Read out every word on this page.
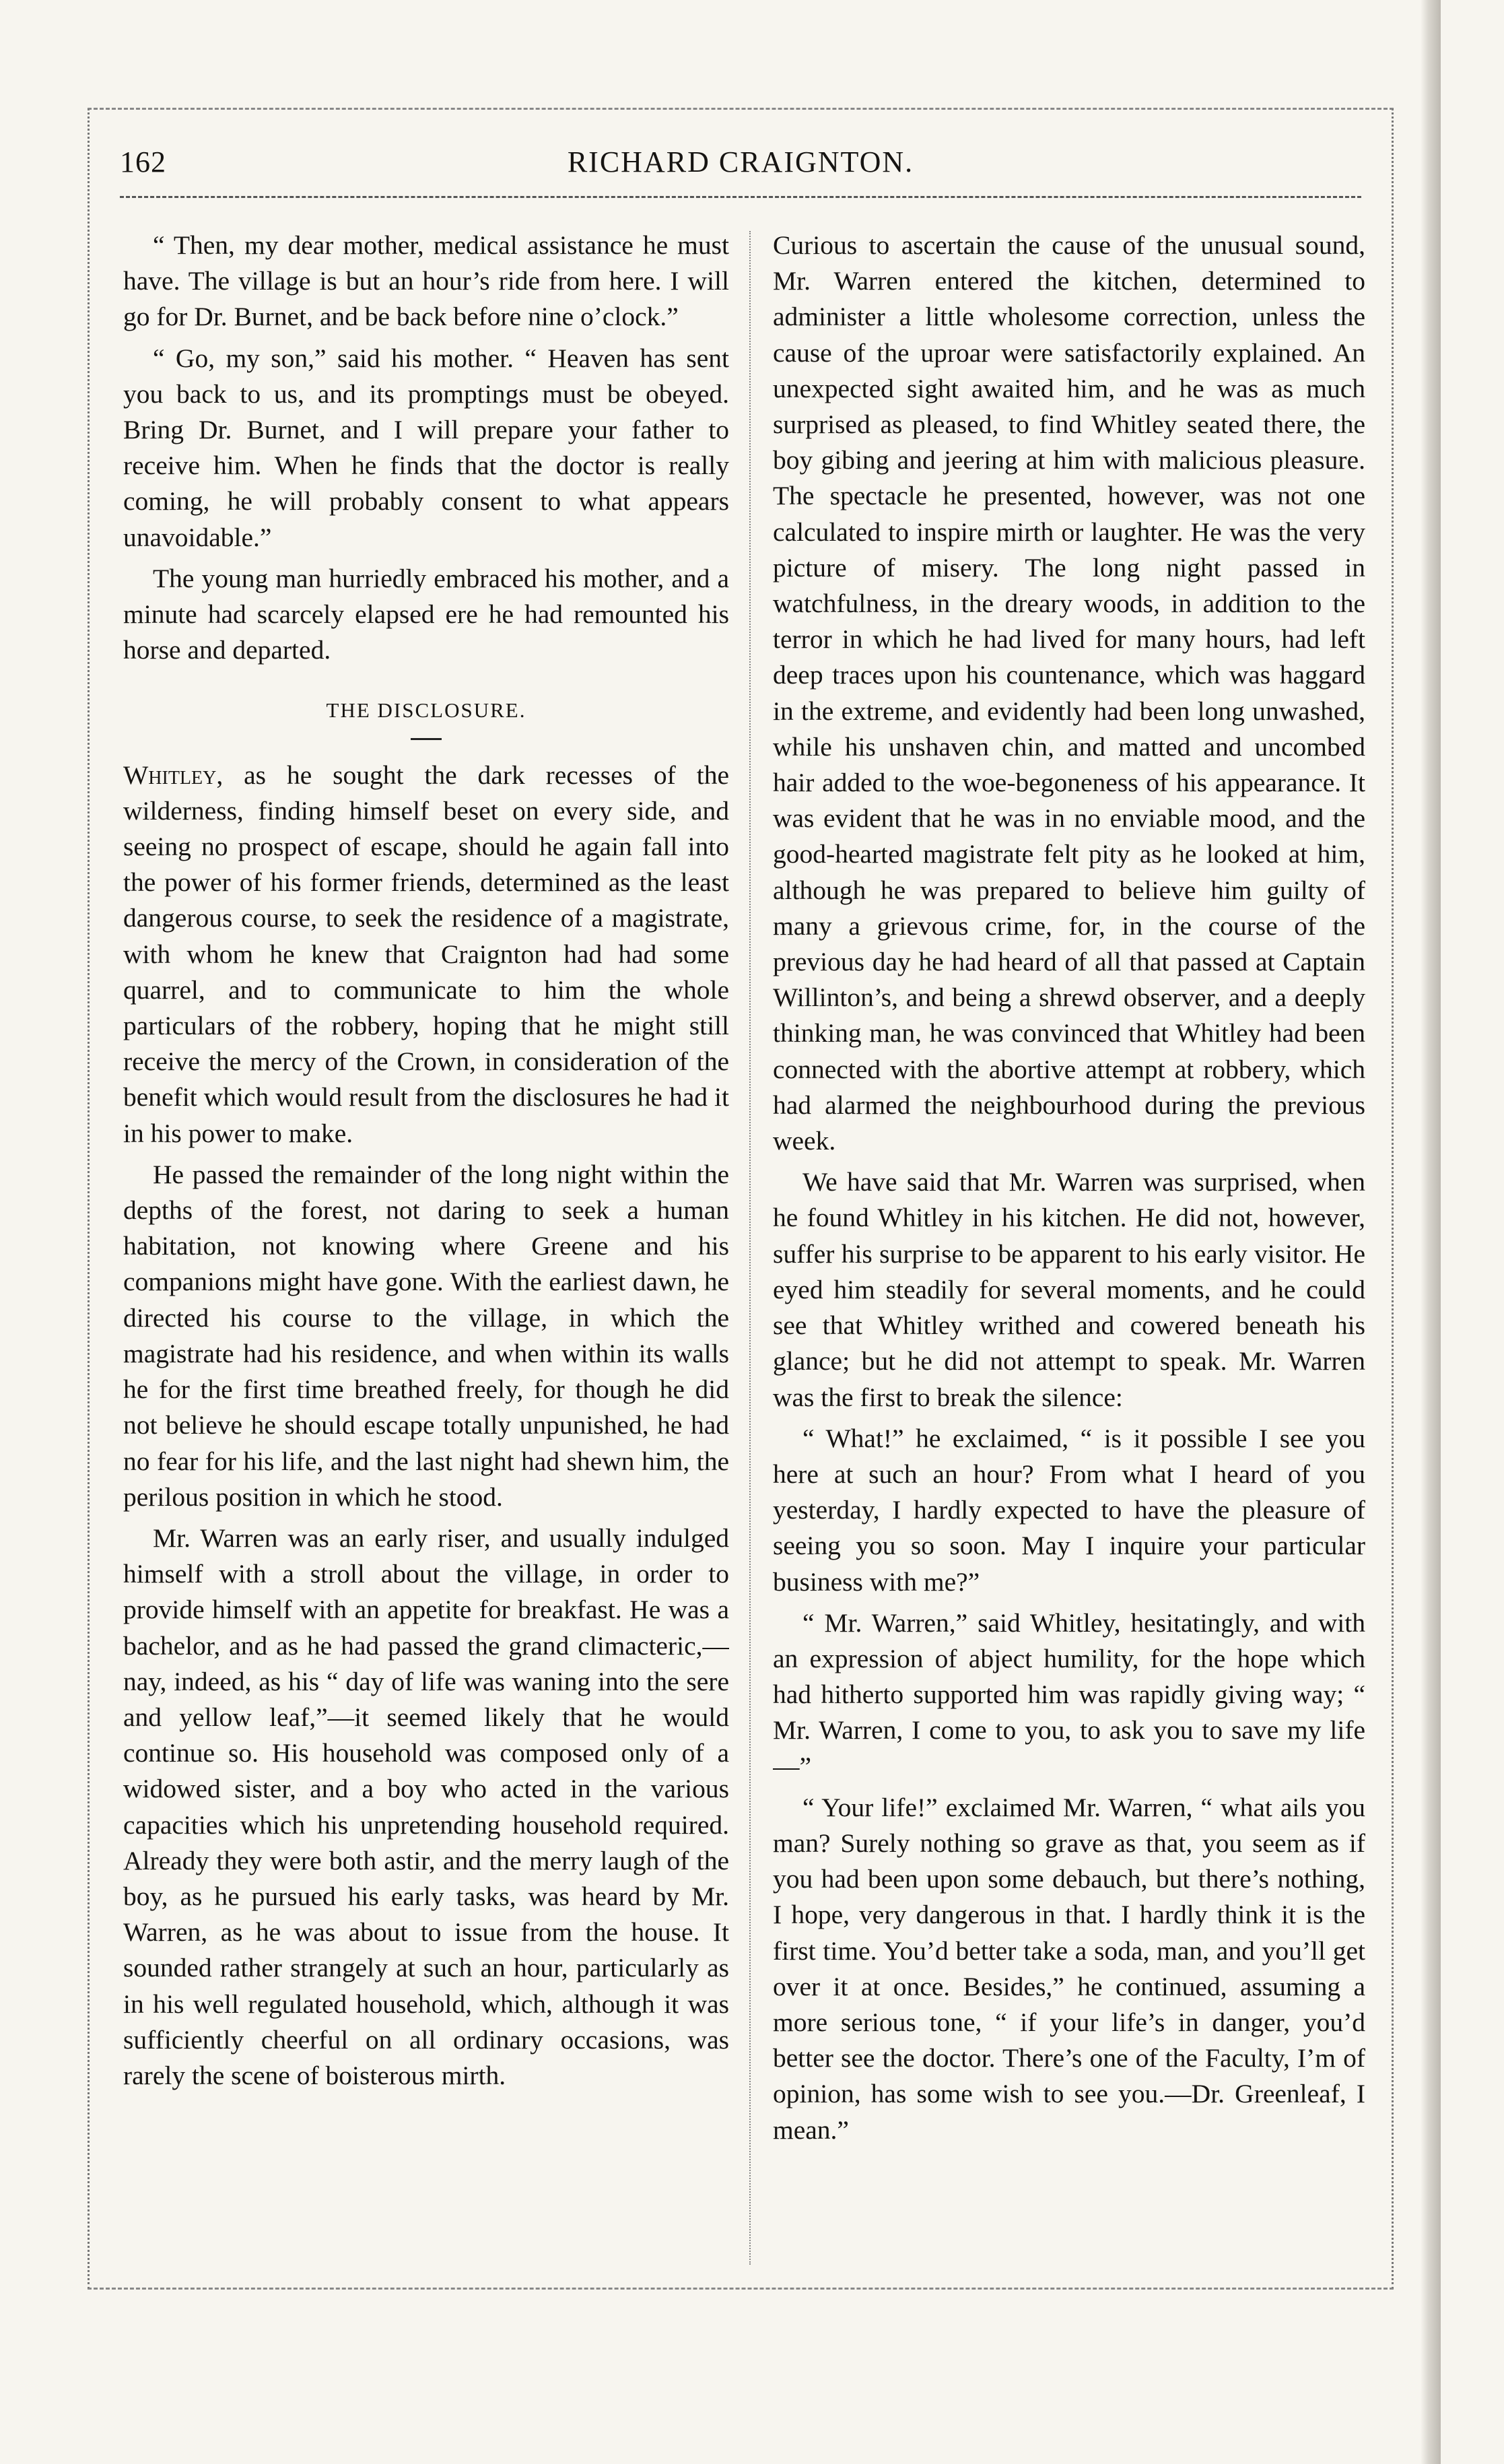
162	RICHARD CRAIGNTON.

“ Then, my dear mother, medical assistance he must have. The village is but an hour’s ride from here. I will go for Dr. Burnet, and be back before nine o’clock.”

“ Go, my son,” said his mother. “ Heaven has sent you back to us, and its promptings must be obeyed. Bring Dr. Burnet, and I will prepare your father to receive him. When he finds that the doctor is really coming, he will probably consent to what appears unavoidable.”

The young man hurriedly embraced his mother, and a minute had scarcely elapsed ere he had remounted his horse and departed.

THE DISCLOSURE.

Whitley, as he sought the dark recesses of the wilderness, finding himself beset on every side, and seeing no prospect of escape, should he again fall into the power of his former friends, determined as the least dangerous course, to seek the residence of a magistrate, with whom he knew that Craignton had had some quarrel, and to communicate to him the whole particulars of the robbery, hoping that he might still receive the mercy of the Crown, in consideration of the benefit which would result from the disclosures he had it in his power to make.

He passed the remainder of the long night within the depths of the forest, not daring to seek a human habitation, not knowing where Greene and his companions might have gone. With the earliest dawn, he directed his course to the village, in which the magistrate had his residence, and when within its walls he for the first time breathed freely, for though he did not believe he should escape totally unpunished, he had no fear for his life, and the last night had shewn him, the perilous position in which he stood.

Mr. Warren was an early riser, and usually indulged himself with a stroll about the village, in order to provide himself with an appetite for breakfast. He was a bachelor, and as he had passed the grand climacteric,—nay, indeed, as his “ day of life was waning into the sere and yellow leaf,”—it seemed likely that he would continue so. His household was composed only of a widowed sister, and a boy who acted in the various capacities which his unpretending household required. Already they were both astir, and the merry laugh of the boy, as he pursued his early tasks, was heard by Mr. Warren, as he was about to issue from the house. It sounded rather strangely at such an hour, particularly as in his well regulated household, which, although it was sufficiently cheerful on all ordinary occasions, was rarely the scene of boisterous mirth.

Curious to ascertain the cause of the unusual sound, Mr. Warren entered the kitchen, determined to administer a little wholesome correction, unless the cause of the uproar were satisfactorily explained. An unexpected sight awaited him, and he was as much surprised as pleased, to find Whitley seated there, the boy gibing and jeering at him with malicious pleasure. The spectacle he presented, however, was not one calculated to inspire mirth or laughter. He was the very picture of misery. The long night passed in watchfulness, in the dreary woods, in addition to the terror in which he had lived for many hours, had left deep traces upon his countenance, which was haggard in the extreme, and evidently had been long unwashed, while his unshaven chin, and matted and uncombed hair added to the woe-begoneness of his appearance. It was evident that he was in no enviable mood, and the good-hearted magistrate felt pity as he looked at him, although he was prepared to believe him guilty of many a grievous crime, for, in the course of the previous day he had heard of all that passed at Captain Willinton’s, and being a shrewd observer, and a deeply thinking man, he was convinced that Whitley had been connected with the abortive attempt at robbery, which had alarmed the neighbourhood during the previous week.

We have said that Mr. Warren was surprised, when he found Whitley in his kitchen. He did not, however, suffer his surprise to be apparent to his early visitor. He eyed him steadily for several moments, and he could see that Whitley writhed and cowered beneath his glance; but he did not attempt to speak. Mr. Warren was the first to break the silence:

“ What!” he exclaimed, “ is it possible I see you here at such an hour? From what I heard of you yesterday, I hardly expected to have the pleasure of seeing you so soon. May I inquire your particular business with me?”

“ Mr. Warren,” said Whitley, hesitatingly, and with an expression of abject humility, for the hope which had hitherto supported him was rapidly giving way; “ Mr. Warren, I come to you, to ask you to save my life—”

“ Your life!” exclaimed Mr. Warren, “ what ails you man? Surely nothing so grave as that, you seem as if you had been upon some debauch, but there’s nothing, I hope, very dangerous in that. I hardly think it is the first time. You’d better take a soda, man, and you’ll get over it at once. Besides,” he continued, assuming a more serious tone, “ if your life’s in danger, you’d better see the doctor. There’s one of the Faculty, I’m of opinion, has some wish to see you.—Dr. Greenleaf, I mean.”
